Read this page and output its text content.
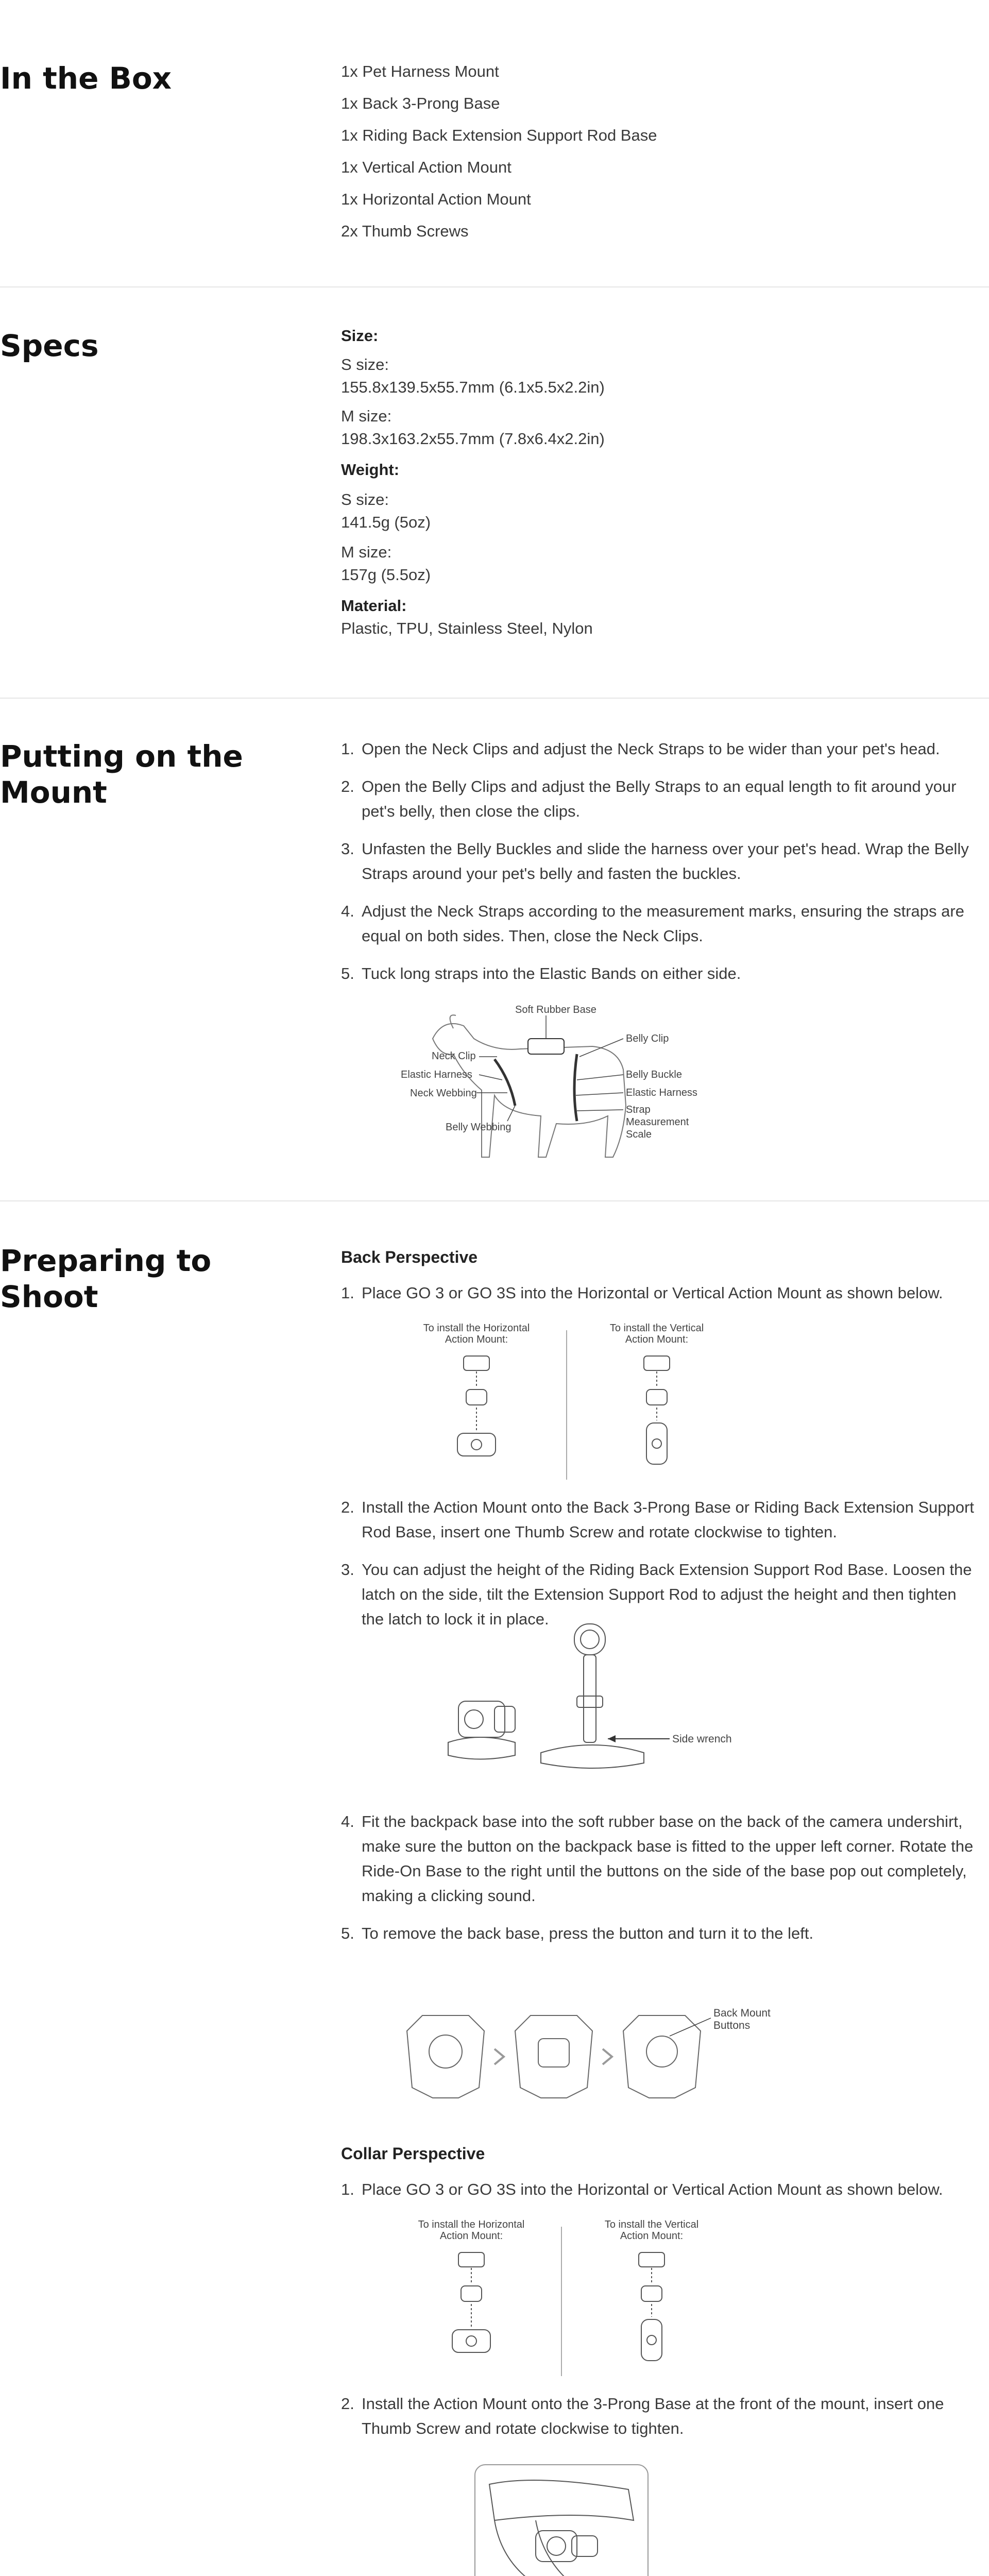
In the Box	1x Pet Harness Mount
1x Back 3-Prong Base
1x Riding Back Extension Support Rod Base
1x Vertical Action Mount
1x Horizontal Action Mount
2x Thumb Screws
Specs	Size:
S size:
155.8x139.5x55.7mm (6.1x5.5x2.2in)
M size:
198.3x163.2x55.7mm (7.8x6.4x2.2in)
Weight:
S size:
141.5g (5oz)
M size:
157g (5.5oz)
Material:
Plastic, TPU, Stainless Steel, Nylon
Putting on the Mount
1. Open the Neck Clips and adjust the Neck Straps to be wider than your pet's head.
2. Open the Belly Clips and adjust the Belly Straps to an equal length to fit around your pet's belly, then close the clips.
3. Unfasten the Belly Buckles and slide the harness over your pet's head. Wrap the Belly Straps around your pet's belly and fasten the buckles.
4. Adjust the Neck Straps according to the measurement marks, ensuring the straps are equal on both sides. Then, close the Neck Clips.
5. Tuck long straps into the Elastic Bands on either side.
Soft Rubber Base
Neck Clip
Elastic Harness
Neck Webbing
Belly Webbing
Belly Clip
Belly Buckle
Elastic Harness
Strap
Measurement
Scale
Preparing to Shoot
Back Perspective
1. Place GO 3 or GO 3S into the Horizontal or Vertical Action Mount as shown below.
To install the Horizontal
Action Mount:
To install the Vertical
Action Mount:
2. Install the Action Mount onto the Back 3-Prong Base or Riding Back Extension Support Rod Base, insert one Thumb Screw and rotate clockwise to tighten.
3. You can adjust the height of the Riding Back Extension Support Rod Base. Loosen the latch on the side, tilt the Extension Support Rod to adjust the height and then tighten the latch to lock it in place.
Side wrench
4. Fit the backpack base into the soft rubber base on the back of the camera undershirt, make sure the button on the backpack base is fitted to the upper left corner. Rotate the Ride-On Base to the right until the buttons on the side of the base pop out completely, making a clicking sound.
5. To remove the back base, press the button and turn it to the left.
Back Mount
Buttons
Collar Perspective
1. Place GO 3 or GO 3S into the Horizontal or Vertical Action Mount as shown below.
To install the Horizontal
Action Mount:
To install the Vertical
Action Mount:
2. Install the Action Mount onto the 3-Prong Base at the front of the mount, insert one Thumb Screw and rotate clockwise to tighten.
